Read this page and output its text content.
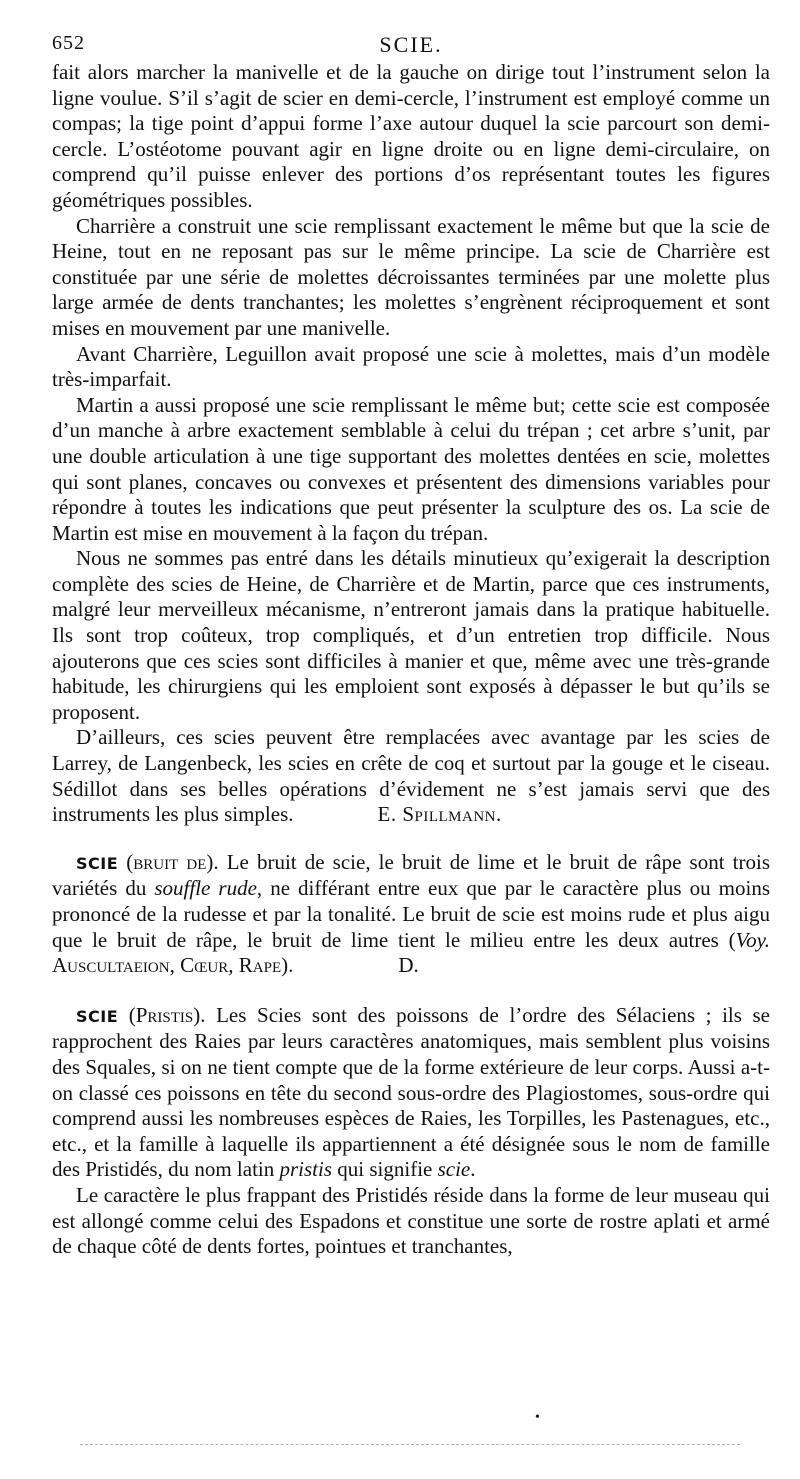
652	SCIE.

fait alors marcher la manivelle et de la gauche on dirige tout l’instrument selon la ligne voulue. S’il s’agit de scier en demi-cercle, l’instrument est employé comme un compas; la tige point d’appui forme l’axe autour duquel la scie parcourt son demi-cercle. L’ostéotome pouvant agir en ligne droite ou en ligne demi-circulaire, on comprend qu’il puisse enlever des portions d’os représentant toutes les figures géométriques possibles.

Charrière a construit une scie remplissant exactement le même but que la scie de Heine, tout en ne reposant pas sur le même principe. La scie de Charrière est constituée par une série de molettes décroissantes terminées par une molette plus large armée de dents tranchantes; les molettes s’engrènent réciproquement et sont mises en mouvement par une manivelle.

Avant Charrière, Leguillon avait proposé une scie à molettes, mais d’un modèle très-imparfait.

Martin a aussi proposé une scie remplissant le même but; cette scie est composée d’un manche à arbre exactement semblable à celui du trépan ; cet arbre s’unit, par une double articulation à une tige supportant des molettes dentées en scie, molettes qui sont planes, concaves ou convexes et présentent des dimensions variables pour répondre à toutes les indications que peut présenter la sculpture des os. La scie de Martin est mise en mouvement à la façon du trépan.

Nous ne sommes pas entré dans les détails minutieux qu’exigerait la description complète des scies de Heine, de Charrière et de Martin, parce que ces instruments, malgré leur merveilleux mécanisme, n’entreront jamais dans la pratique habituelle. Ils sont trop coûteux, trop compliqués, et d’un entretien trop difficile. Nous ajouterons que ces scies sont difficiles à manier et que, même avec une très-grande habitude, les chirurgiens qui les emploient sont exposés à dépasser le but qu’ils se proposent.

D’ailleurs, ces scies peuvent être remplacées avec avantage par les scies de Larrey, de Langenbeck, les scies en crête de coq et surtout par la gouge et le ciseau. Sédillot dans ses belles opérations d’évidement ne s’est jamais servi que des instruments les plus simples.    	E. Spillmann.

SCIE (bruit de). Le bruit de scie, le bruit de lime et le bruit de râpe sont trois variétés du souffle rude, ne différant entre eux que par le caractère plus ou moins prononcé de la rudesse et par la tonalité. Le bruit de scie est moins rude et plus aigu que le bruit de râpe, le bruit de lime tient le milieu entre les deux autres (Voy. Auscultaeion, Cœur, Rape).     	D.

SCIE (Pristis). Les Scies sont des poissons de l’ordre des Sélaciens ; ils se rapprochent des Raies par leurs caractères anatomiques, mais semblent plus voisins des Squales, si on ne tient compte que de la forme extérieure de leur corps. Aussi a-t-on classé ces poissons en tête du second sous-ordre des Plagiostomes, sous-ordre qui comprend aussi les nombreuses espèces de Raies, les Torpilles, les Pastenagues, etc., etc., et la famille à laquelle ils appartiennent a été désignée sous le nom de famille des Pristidés, du nom latin pristis qui signifie scie.

Le caractère le plus frappant des Pristidés réside dans la forme de leur museau qui est allongé comme celui des Espadons et constitue une sorte de rostre aplati et armé de chaque côté de dents fortes, pointues et tranchantes,

•
